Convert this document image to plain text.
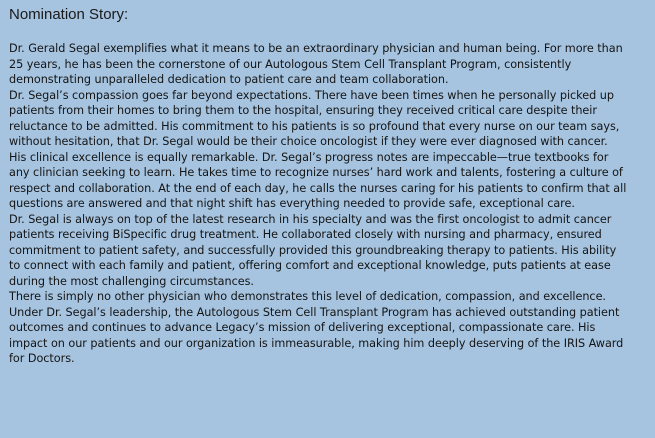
Nomination Story:
Dr. Gerald Segal exemplifies what it means to be an extraordinary physician and human being. For more than
25 years, he has been the cornerstone of our Autologous Stem Cell Transplant Program, consistently
demonstrating unparalleled dedication to patient care and team collaboration.
Dr. Segal’s compassion goes far beyond expectations. There have been times when he personally picked up
patients from their homes to bring them to the hospital, ensuring they received critical care despite their
reluctance to be admitted. His commitment to his patients is so profound that every nurse on our team says,
without hesitation, that Dr. Segal would be their choice oncologist if they were ever diagnosed with cancer.
His clinical excellence is equally remarkable. Dr. Segal’s progress notes are impeccable—true textbooks for
any clinician seeking to learn. He takes time to recognize nurses’ hard work and talents, fostering a culture of
respect and collaboration. At the end of each day, he calls the nurses caring for his patients to confirm that all
questions are answered and that night shift has everything needed to provide safe, exceptional care.
Dr. Segal is always on top of the latest research in his specialty and was the first oncologist to admit cancer
patients receiving BiSpecific drug treatment. He collaborated closely with nursing and pharmacy, ensured
commitment to patient safety, and successfully provided this groundbreaking therapy to patients. His ability
to connect with each family and patient, offering comfort and exceptional knowledge, puts patients at ease
during the most challenging circumstances.
There is simply no other physician who demonstrates this level of dedication, compassion, and excellence.
Under Dr. Segal’s leadership, the Autologous Stem Cell Transplant Program has achieved outstanding patient
outcomes and continues to advance Legacy’s mission of delivering exceptional, compassionate care. His
impact on our patients and our organization is immeasurable, making him deeply deserving of the IRIS Award
for Doctors.
